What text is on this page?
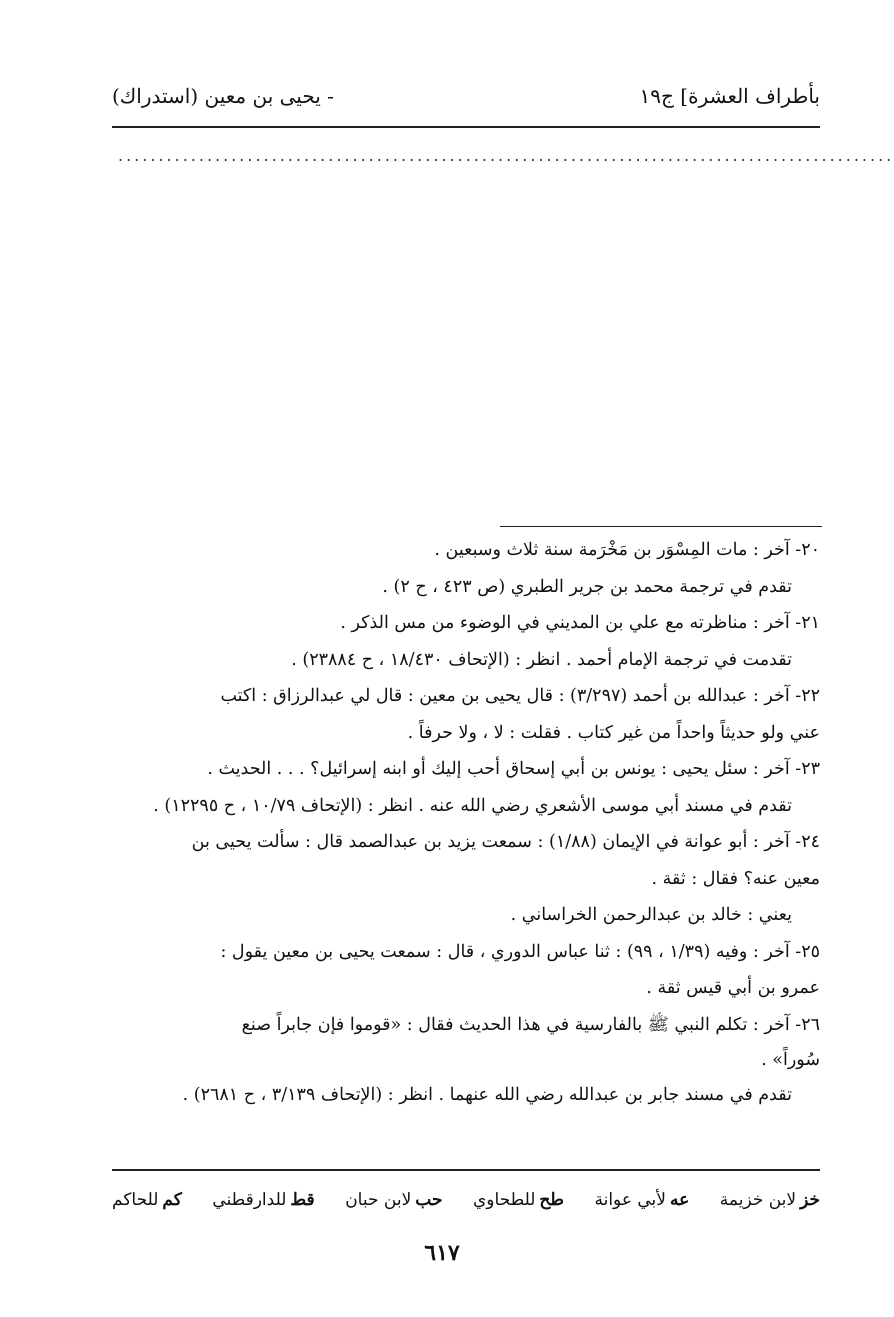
بأطراف العشرة] ج١٩
- يحيى بن معين (استدراك)
................................................................................................
٢٠- آخر : مات المِسْوَر بن مَخْرَمة سنة ثلاث وسبعين .
تقدم في ترجمة محمد بن جرير الطبري (ص ٤٢٣ ، ح ٢) .
٢١- آخر : مناظرته مع علي بن المديني في الوضوء من مس الذكر .
تقدمت في ترجمة الإمام أحمد . انظر : (الإتحاف ١٨/٤٣٠ ، ح ٢٣٨٨٤) .
٢٢- آخر : عبدالله بن أحمد (٣/٢٩٧) : قال يحيى بن معين : قال لي عبدالرزاق : اكتب
عني ولو حديثاً واحداً من غير كتاب . فقلت : لا ، ولا حرفاً .
٢٣- آخر : سئل يحيى : يونس بن أبي إسحاق أحب إليك أو ابنه إسرائيل؟ . . . الحديث .
تقدم في مسند أبي موسى الأشعري رضي الله عنه . انظر : (الإتحاف ١٠/٧٩ ، ح ١٢٢٩٥) .
٢٤- آخر : أبو عوانة في الإيمان (١/٨٨) : سمعت يزيد بن عبدالصمد قال : سألت يحيى بن
معين عنه؟ فقال : ثقة .
يعني : خالد بن عبدالرحمن الخراساني .
٢٥- آخر : وفيه (١/٣٩ ، ٩٩) : ثنا عباس الدوري ، قال : سمعت يحيى بن معين يقول :
عمرو بن أبي قيس ثقة .
٢٦- آخر : تكلم النبي ﷺ بالفارسية في هذا الحديث فقال : «قوموا فإن جابراً صنع
سُوراً» .
تقدم في مسند جابر بن عبدالله رضي الله عنهما . انظر : (الإتحاف ٣/١٣٩ ، ح ٢٦٨١) .
خز
لابن خزيمة
عه
لأبي عوانة
طح
للطحاوي
حب
لابن حبان
قط
للدارقطني
كم
للحاكم
٦١٧
